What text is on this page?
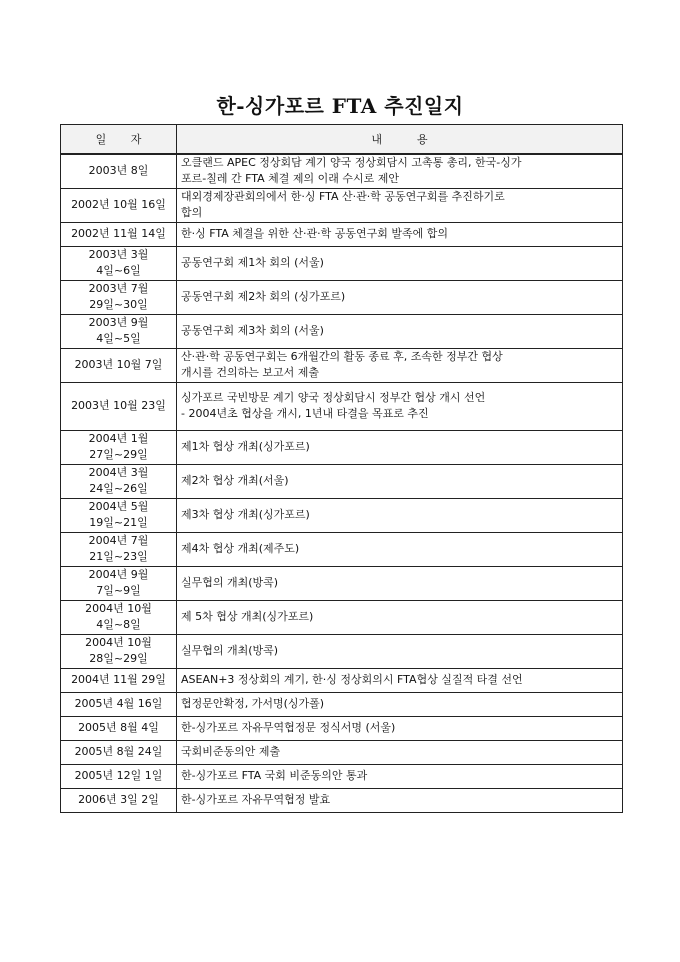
한-싱가포르 FTA 추진일지
일       자	내          용
2003년 8일	오클랜드 APEC 정상회담 계기 양국 정상회담시 고촉통 총리, 한국-싱가
포르-칠레 간 FTA 체결 제의 이래 수시로 제안

2002년 10월 16일	대외경제장관회의에서 한·싱 FTA 산·관·학 공동연구회를 추진하기로
합의

2002년 11월 14일	한·싱 FTA 체결을 위한 산·관·학 공동연구회 발족에 합의

2003년 3월
4일~6일	공동연구회 제1차 회의 (서울)

2003년 7월
29일~30일	공동연구회 제2차 회의 (싱가포르)

2003년 9월
4일~5일	공동연구회 제3차 회의 (서울)

2003년 10월 7일	산·관·학 공동연구회는 6개월간의 활동 종료 후, 조속한 정부간 협상
개시를 건의하는 보고서 제출

2003년 10월 23일	싱가포르 국빈방문 계기 양국 정상회담시 정부간 협상 개시 선언
- 2004년초 협상을 개시, 1년내 타결을 목표로 추진

2004년 1월
27일~29일	제1차 협상 개최(싱가포르)

2004년 3월
24일~26일	제2차 협상 개최(서울)

2004년 5월
19일~21일	제3차 협상 개최(싱가포르)

2004년 7월
21일~23일	제4차 협상 개최(제주도)

2004년 9월
7일~9일	실무협의 개최(방콕)

2004년 10월
4일~8일	제 5차 협상 개최(싱가포르)

2004년 10월
28일~29일	실무협의 개최(방콕)

2004년 11월 29일	ASEAN+3 정상회의 계기, 한·싱 정상회의시 FTA협상 실질적 타결 선언

2005년 4월 16일	협정문안확정, 가서명(싱가폴)

2005년 8월 4일	한-싱가포르 자유무역협정문 정식서명 (서울)

2005년 8월 24일	국회비준동의안 제출

2005년 12일 1일	한-싱가포르 FTA 국회 비준동의안 통과

2006년 3일 2일	한-싱가포르 자유무역협정 발효
